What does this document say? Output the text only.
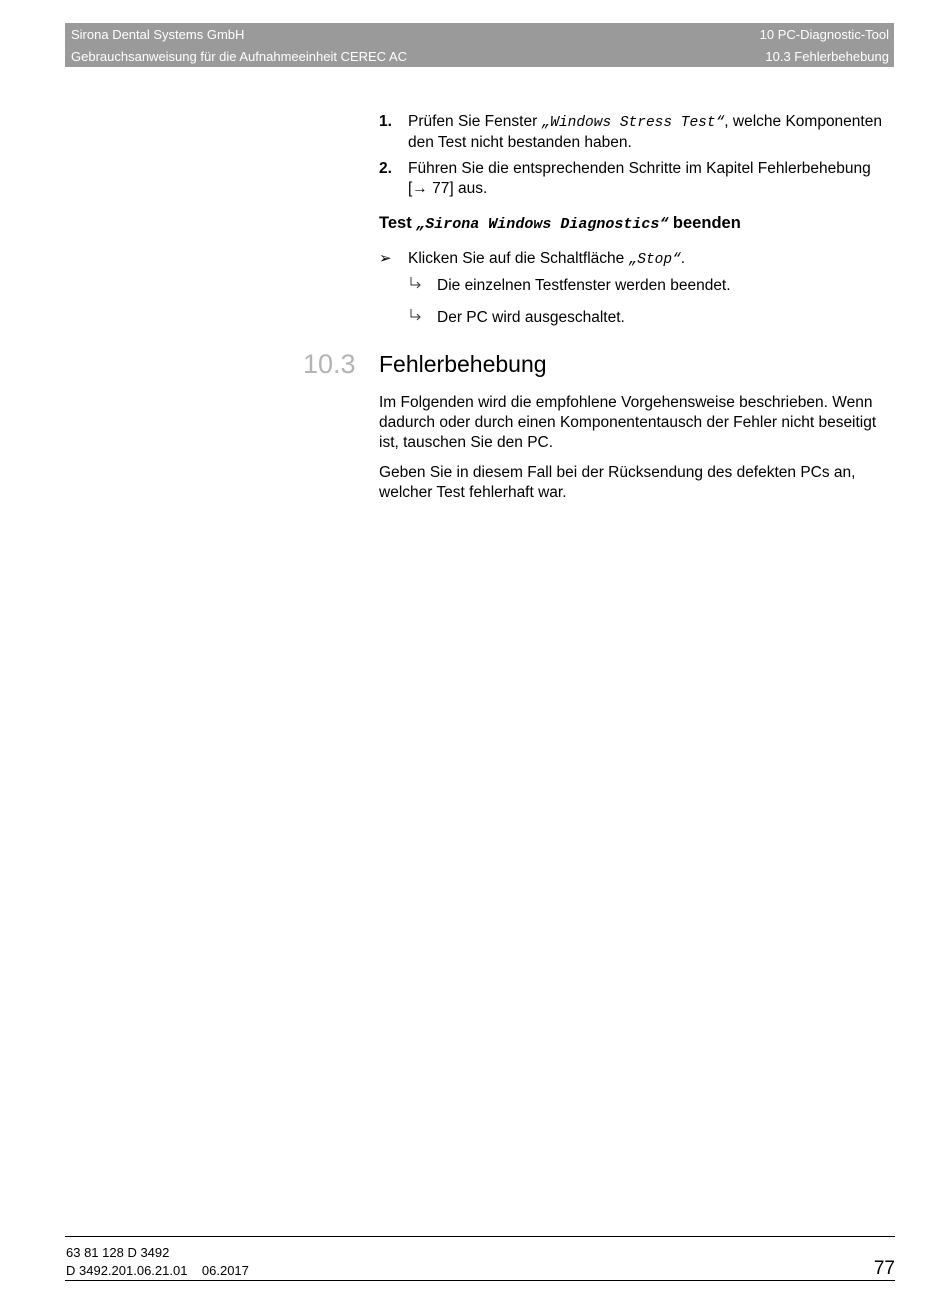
Sirona Dental Systems GmbH	10 PC-Diagnostic-Tool
Gebrauchsanweisung für die Aufnahmeeinheit CEREC AC	10.3 Fehlerbehebung
1. Prüfen Sie Fenster „Windows Stress Test“, welche Komponenten den Test nicht bestanden haben.
2. Führen Sie die entsprechenden Schritte im Kapitel Fehlerbehebung [→ 77] aus.
Test „Sirona Windows Diagnostics“ beenden
➢ Klicken Sie auf die Schaltfläche „Stop“.
Die einzelnen Testfenster werden beendet.
Der PC wird ausgeschaltet.
10.3 Fehlerbehebung

Im Folgenden wird die empfohlene Vorgehensweise beschrieben. Wenn dadurch oder durch einen Komponententausch der Fehler nicht beseitigt ist, tauschen Sie den PC.

Geben Sie in diesem Fall bei der Rücksendung des defekten PCs an, welcher Test fehlerhaft war.

63 81 128 D 3492
D 3492.201.06.21.01 06.2017	77
